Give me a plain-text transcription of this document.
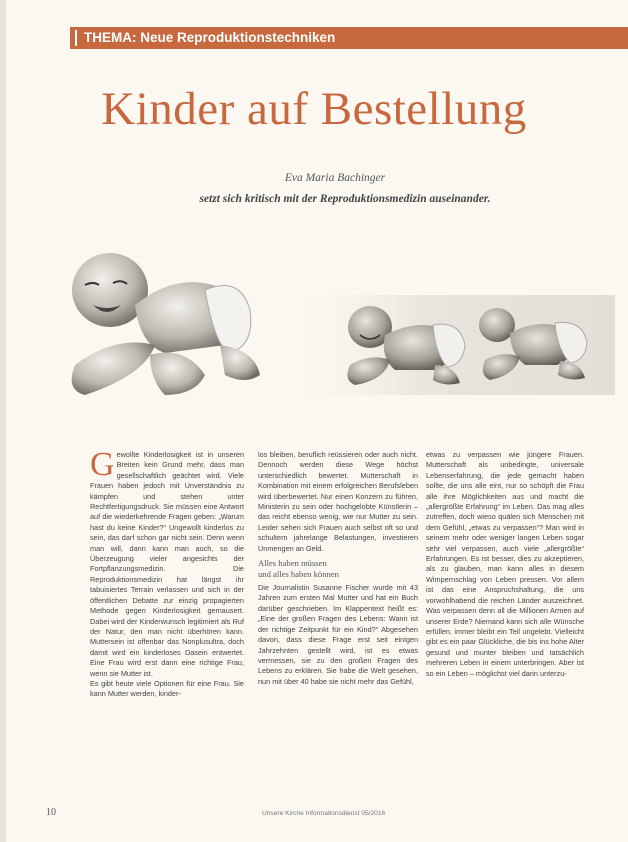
THEMA: Neue Reproduktionstechniken
Kinder auf Bestellung
Eva Maria Bachinger
setzt sich kritisch mit der Reproduktionsmedizin auseinander.

Gewollte Kinderlosigkeit ist in unseren Breiten kein Grund mehr, dass man gesellschaftlich geächtet wird. Viele Frauen haben jedoch mit Unverständnis zu kämpfen und stehen unter Rechtfertigungsdruck. Sie müssen eine Antwort auf die wiederkehrende Fragen geben: „Warum hast du keine Kinder?“ Ungewollt kinderlos zu sein, das darf schon gar nicht sein. Denn wenn man will, dann kann man auch, so die Überzeugung vieler angesichts der Fortpflanzungsmedizin. Die Reproduktionsmedizin hat längst ihr tabuisiertes Terrain verlassen und sich in der öffentlichen Debatte zur einzig propagierten Methode gegen Kinderlosigkeit gemausert. Dabei wird der Kinderwunsch legitimiert als Ruf der Natur, den man nicht überhören kann. Muttersein ist offenbar das Nonplusultra, doch damit wird ein kinderloses Dasein entwertet. Eine Frau wird erst dann eine richtige Frau, wenn sie Mutter ist.

Es gibt heute viele Optionen für eine Frau. Sie kann Mutter werden, kinder-

los bleiben, beruflich reüssieren oder auch nicht. Dennoch werden diese Wege höchst unterschiedlich bewertet. Mutterschaft in Kombination mit einem erfolgreichen Berufsleben wird überbewertet. Nur einen Konzern zu führen, Ministerin zu sein oder hochgelobte Künstlerin – das reicht ebenso wenig, wie nur Mutter zu sein. Leider sehen sich Frauen auch selbst oft so und schultern jahrelange Belastungen, investieren Unmengen an Geld.

Alles haben müssen
und alles haben können

Die Journalistin Susanne Fischer wurde mit 43 Jahren zum ersten Mal Mutter und hat ein Buch darüber geschrieben. Im Klappentext heißt es: „Eine der großen Fragen des Lebens: Wann ist der richtige Zeitpunkt für ein Kind?“ Abgesehen davon, dass diese Frage erst seit einigen Jahrzehnten gestellt wird, ist es etwas vermessen, sie zu den großen Fragen des Lebens zu erklären. Sie habe die Welt gesehen, nun mit über 40 habe sie nicht mehr das Gefühl,

etwas zu verpassen wie jüngere Frauen. Mutterschaft als unbedingte, universale Lebenserfahrung, die jede gemacht haben sollte, die uns alle eint, nur so schöpft die Frau alle ihre Möglichkeiten aus und macht die „allergrößte Erfahrung“ im Leben. Das mag alles zutreffen, doch wieso quälen sich Menschen mit dem Gefühl, „etwas zu verpassen“? Man wird in seinem mehr oder weniger langen Leben sogar sehr viel verpassen, auch viele „allergrößte“ Erfahrungen. Es ist besser, dies zu akzeptieren, als zu glauben, man kann alles in diesem Wimpernschlag von Leben pressen. Vor allem ist das eine Anspruchshaltung, die uns vorwohlhabend die reichen Länder auszeichnet. Was verpassen denn all die Millionen Armen auf unserer Erde? Niemand kann sich alle Wünsche erfüllen, immer bleibt ein Teil ungelebt. Vielleicht gibt es ein paar Glückliche, die bis ins hohe Alter gesund und munter bleiben und tatsächlich mehreren Leben in einem unterbringen. Aber ist so ein Leben – möglichst viel darin unterzu-

10	Unsere Kirche Informationsdienst 05/2016
